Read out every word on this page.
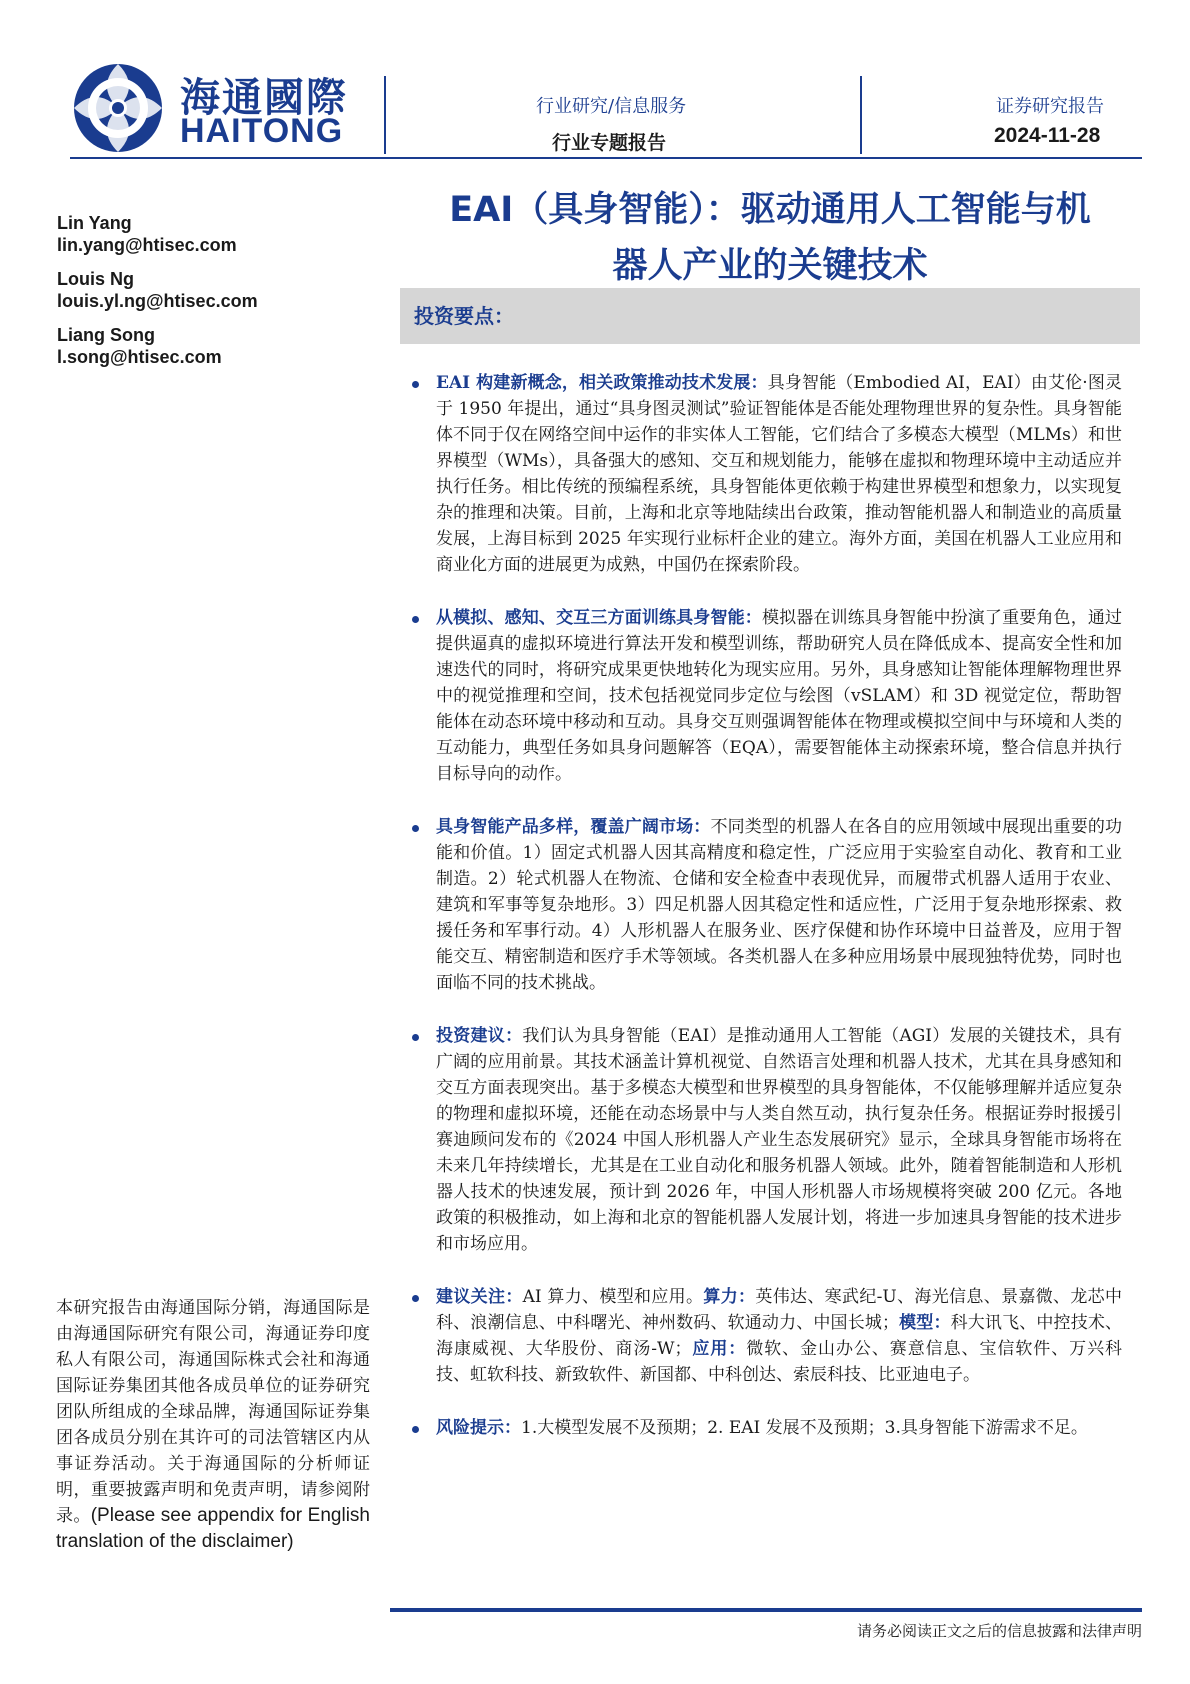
海通國際
HAITONG
行业研究/信息服务
行业专题报告
证券研究报告
2024-11-28
Lin Yang
lin.yang@htisec.com
Louis Ng
louis.yl.ng@htisec.com
Liang Song
l.song@htisec.com
EAI（具身智能）：驱动通用人工智能与机
器人产业的关键技术
投资要点：
EAI 构建新概念，相关政策推动技术发展：具身智能（Embodied AI，EAI）由艾伦·图灵于 1950 年提出，通过“具身图灵测试”验证智能体是否能处理物理世界的复杂性。具身智能体不同于仅在网络空间中运作的非实体人工智能，它们结合了多模态大模型（MLMs）和世界模型（WMs），具备强大的感知、交互和规划能力，能够在虚拟和物理环境中主动适应并执行任务。相比传统的预编程系统，具身智能体更依赖于构建世界模型和想象力，以实现复杂的推理和决策。目前，上海和北京等地陆续出台政策，推动智能机器人和制造业的高质量发展，上海目标到 2025 年实现行业标杆企业的建立。海外方面，美国在机器人工业应用和商业化方面的进展更为成熟，中国仍在探索阶段。
从模拟、感知、交互三方面训练具身智能：模拟器在训练具身智能中扮演了重要角色，通过提供逼真的虚拟环境进行算法开发和模型训练，帮助研究人员在降低成本、提高安全性和加速迭代的同时，将研究成果更快地转化为现实应用。另外，具身感知让智能体理解物理世界中的视觉推理和空间，技术包括视觉同步定位与绘图（vSLAM）和 3D 视觉定位，帮助智能体在动态环境中移动和互动。具身交互则强调智能体在物理或模拟空间中与环境和人类的互动能力，典型任务如具身问题解答（EQA），需要智能体主动探索环境，整合信息并执行目标导向的动作。
具身智能产品多样，覆盖广阔市场：不同类型的机器人在各自的应用领域中展现出重要的功能和价值。1）固定式机器人因其高精度和稳定性，广泛应用于实验室自动化、教育和工业制造。2）轮式机器人在物流、仓储和安全检查中表现优异，而履带式机器人适用于农业、建筑和军事等复杂地形。3）四足机器人因其稳定性和适应性，广泛用于复杂地形探索、救援任务和军事行动。4）人形机器人在服务业、医疗保健和协作环境中日益普及，应用于智能交互、精密制造和医疗手术等领域。各类机器人在多种应用场景中展现独特优势，同时也面临不同的技术挑战。
投资建议：我们认为具身智能（EAI）是推动通用人工智能（AGI）发展的关键技术，具有广阔的应用前景。其技术涵盖计算机视觉、自然语言处理和机器人技术，尤其在具身感知和交互方面表现突出。基于多模态大模型和世界模型的具身智能体，不仅能够理解并适应复杂的物理和虚拟环境，还能在动态场景中与人类自然互动，执行复杂任务。根据证券时报援引赛迪顾问发布的《2024 中国人形机器人产业生态发展研究》显示，全球具身智能市场将在未来几年持续增长，尤其是在工业自动化和服务机器人领域。此外，随着智能制造和人形机器人技术的快速发展，预计到 2026 年，中国人形机器人市场规模将突破 200 亿元。各地政策的积极推动，如上海和北京的智能机器人发展计划，将进一步加速具身智能的技术进步和市场应用。
建议关注：AI 算力、模型和应用。算力：英伟达、寒武纪-U、海光信息、景嘉微、龙芯中科、浪潮信息、中科曙光、神州数码、软通动力、中国长城；模型：科大讯飞、中控技术、海康威视、大华股份、商汤-W；应用：微软、金山办公、赛意信息、宝信软件、万兴科技、虹软科技、新致软件、新国都、中科创达、索辰科技、比亚迪电子。
风险提示：1.大模型发展不及预期；2. EAI 发展不及预期；3.具身智能下游需求不足。
本研究报告由海通国际分销，海通国际是由海通国际研究有限公司，海通证券印度私人有限公司，海通国际株式会社和海通国际证券集团其他各成员单位的证券研究团队所组成的全球品牌，海通国际证券集团各成员分别在其许可的司法管辖区内从事证券活动。关于海通国际的分析师证明，重要披露声明和免责声明，请参阅附录。(Please see appendix for English translation of the disclaimer)
请务必阅读正文之后的信息披露和法律声明
